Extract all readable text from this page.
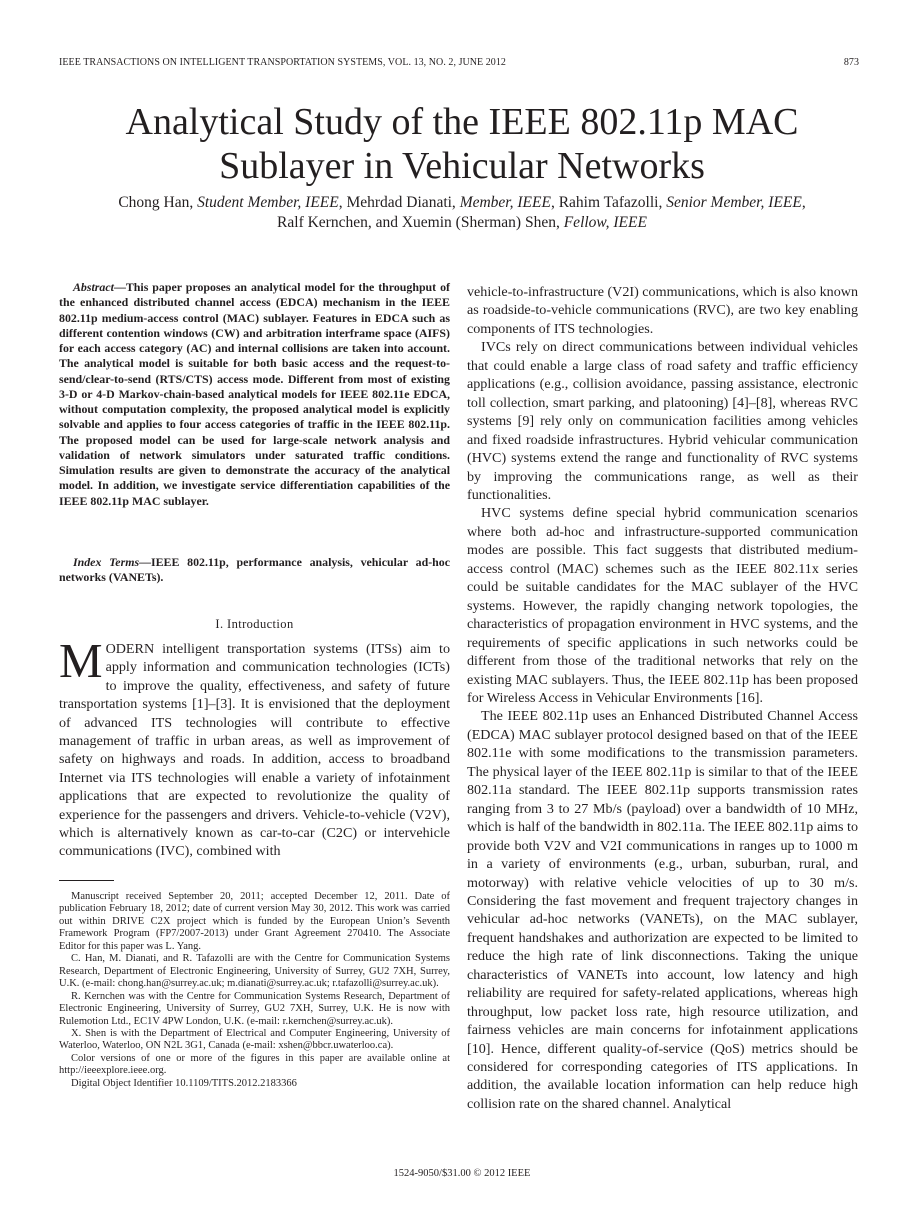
IEEE TRANSACTIONS ON INTELLIGENT TRANSPORTATION SYSTEMS, VOL. 13, NO. 2, JUNE 2012	873
Analytical Study of the IEEE 802.11p MAC
Sublayer in Vehicular Networks
Chong Han, Student Member, IEEE, Mehrdad Dianati, Member, IEEE, Rahim Tafazolli, Senior Member, IEEE,
Ralf Kernchen, and Xuemin (Sherman) Shen, Fellow, IEEE
Abstract—This paper proposes an analytical model for the throughput of the enhanced distributed channel access (EDCA) mechanism in the IEEE 802.11p medium-access control (MAC) sublayer. Features in EDCA such as different contention windows (CW) and arbitration interframe space (AIFS) for each access category (AC) and internal collisions are taken into account. The analytical model is suitable for both basic access and the request-to-send/clear-to-send (RTS/CTS) access mode. Different from most of existing 3-D or 4-D Markov-chain-based analytical models for IEEE 802.11e EDCA, without computation complexity, the proposed analytical model is explicitly solvable and applies to four access categories of traffic in the IEEE 802.11p. The proposed model can be used for large-scale network analysis and validation of network simulators under saturated traffic conditions. Simulation results are given to demonstrate the accuracy of the analytical model. In addition, we investigate service differentiation capabilities of the IEEE 802.11p MAC sublayer.
Index Terms—IEEE 802.11p, performance analysis, vehicular ad-hoc networks (VANETs).
I. Introduction
MODERN intelligent transportation systems (ITSs) aim to apply information and communication technologies (ICTs) to improve the quality, effectiveness, and safety of future transportation systems [1]–[3]. It is envisioned that the deployment of advanced ITS technologies will contribute to effective management of traffic in urban areas, as well as improvement of safety on highways and roads. In addition, access to broadband Internet via ITS technologies will enable a variety of infotainment applications that are expected to revolutionize the quality of experience for the passengers and drivers. Vehicle-to-vehicle (V2V), which is alternatively known as car-to-car (C2C) or intervehicle communications (IVC), combined with

Manuscript received September 20, 2011; accepted December 12, 2011. Date of publication February 18, 2012; date of current version May 30, 2012. This work was carried out within DRIVE C2X project which is funded by the European Union’s Seventh Framework Program (FP7/2007-2013) under Grant Agreement 270410. The Associate Editor for this paper was L. Yang.

C. Han, M. Dianati, and R. Tafazolli are with the Centre for Communication Systems Research, Department of Electronic Engineering, University of Surrey, GU2 7XH, Surrey, U.K. (e-mail: chong.han@surrey.ac.uk; m.dianati@surrey.ac.uk; r.tafazolli@surrey.ac.uk).

R. Kernchen was with the Centre for Communication Systems Research, Department of Electronic Engineering, University of Surrey, GU2 7XH, Surrey, U.K. He is now with Rulemotion Ltd., EC1V 4PW London, U.K. (e-mail: r.kernchen@surrey.ac.uk).

X. Shen is with the Department of Electrical and Computer Engineering, University of Waterloo, Waterloo, ON N2L 3G1, Canada (e-mail: xshen@bbcr.uwaterloo.ca).

Color versions of one or more of the figures in this paper are available online at http://ieeexplore.ieee.org.

Digital Object Identifier 10.1109/TITS.2012.2183366

vehicle-to-infrastructure (V2I) communications, which is also known as roadside-to-vehicle communications (RVC), are two key enabling components of ITS technologies.

IVCs rely on direct communications between individual vehicles that could enable a large class of road safety and traffic efficiency applications (e.g., collision avoidance, passing assistance, electronic toll collection, smart parking, and platooning) [4]–[8], whereas RVC systems [9] rely only on communication facilities among vehicles and fixed roadside infrastructures. Hybrid vehicular communication (HVC) systems extend the range and functionality of RVC systems by improving the communications range, as well as their functionalities.

HVC systems define special hybrid communication scenarios where both ad-hoc and infrastructure-supported communication modes are possible. This fact suggests that distributed medium-access control (MAC) schemes such as the IEEE 802.11x series could be suitable candidates for the MAC sublayer of the HVC systems. However, the rapidly changing network topologies, the characteristics of propagation environment in HVC systems, and the requirements of specific applications in such networks could be different from those of the traditional networks that rely on the existing MAC sublayers. Thus, the IEEE 802.11p has been proposed for Wireless Access in Vehicular Environments [16].

The IEEE 802.11p uses an Enhanced Distributed Channel Access (EDCA) MAC sublayer protocol designed based on that of the IEEE 802.11e with some modifications to the transmission parameters. The physical layer of the IEEE 802.11p is similar to that of the IEEE 802.11a standard. The IEEE 802.11p supports transmission rates ranging from 3 to 27 Mb/s (payload) over a bandwidth of 10 MHz, which is half of the bandwidth in 802.11a. The IEEE 802.11p aims to provide both V2V and V2I communications in ranges up to 1000 m in a variety of environments (e.g., urban, suburban, rural, and motorway) with relative vehicle velocities of up to 30 m/s. Considering the fast movement and frequent trajectory changes in vehicular ad-hoc networks (VANETs), on the MAC sublayer, frequent handshakes and authorization are expected to be limited to reduce the high rate of link disconnections. Taking the unique characteristics of VANETs into account, low latency and high reliability are required for safety-related applications, whereas high throughput, low packet loss rate, high resource utilization, and fairness vehicles are main concerns for infotainment applications [10]. Hence, different quality-of-service (QoS) metrics should be considered for corresponding categories of ITS applications. In addition, the available location information can help reduce high collision rate on the shared channel. Analytical

1524-9050/$31.00 © 2012 IEEE
